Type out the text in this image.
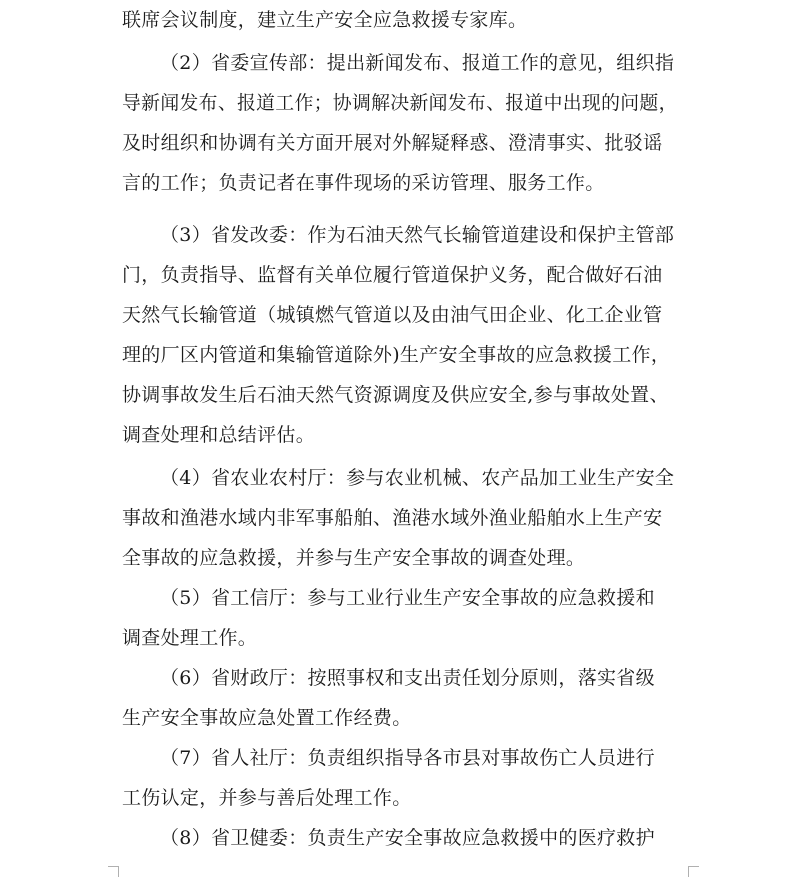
联席会议制度，建立生产安全应急救援专家库。
（2）省委宣传部：提出新闻发布、报道工作的意见，组织指
导新闻发布、报道工作；协调解决新闻发布、报道中出现的问题，
及时组织和协调有关方面开展对外解疑释惑、澄清事实、批驳谣
言的工作；负责记者在事件现场的采访管理、服务工作。
（3）省发改委：作为石油天然气长输管道建设和保护主管部
门，负责指导、监督有关单位履行管道保护义务，配合做好石油
天然气长输管道（城镇燃气管道以及由油气田企业、化工企业管
理的厂区内管道和集输管道除外)生产安全事故的应急救援工作，
协调事故发生后石油天然气资源调度及供应安全,参与事故处置、
调查处理和总结评估。
（4）省农业农村厅：参与农业机械、农产品加工业生产安全
事故和渔港水域内非军事船舶、渔港水域外渔业船舶水上生产安
全事故的应急救援，并参与生产安全事故的调查处理。
（5）省工信厅：参与工业行业生产安全事故的应急救援和
调查处理工作。
（6）省财政厅：按照事权和支出责任划分原则，落实省级
生产安全事故应急处置工作经费。
（7）省人社厅：负责组织指导各市县对事故伤亡人员进行
工伤认定，并参与善后处理工作。
（8）省卫健委：负责生产安全事故应急救援中的医疗救护
